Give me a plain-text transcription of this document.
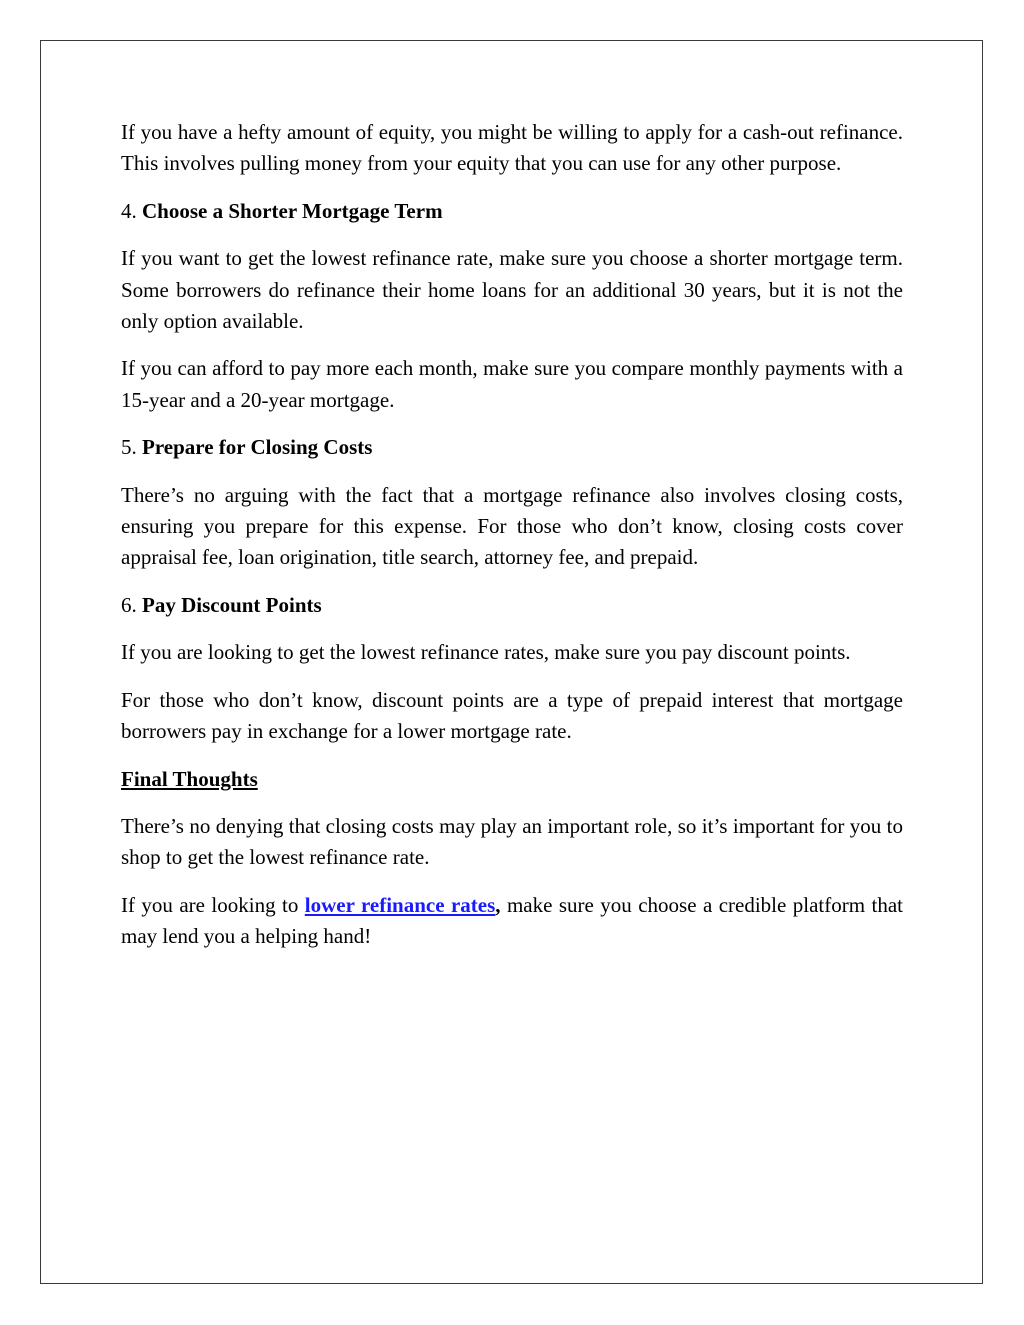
If you have a hefty amount of equity, you might be willing to apply for a cash-out refinance. This involves pulling money from your equity that you can use for any other purpose.

4. Choose a Shorter Mortgage Term

If you want to get the lowest refinance rate, make sure you choose a shorter mortgage term. Some borrowers do refinance their home loans for an additional 30 years, but it is not the only option available.

If you can afford to pay more each month, make sure you compare monthly payments with a 15-year and a 20-year mortgage.

5. Prepare for Closing Costs

There’s no arguing with the fact that a mortgage refinance also involves closing costs, ensuring you prepare for this expense. For those who don’t know, closing costs cover appraisal fee, loan origination, title search, attorney fee, and prepaid.

6. Pay Discount Points

If you are looking to get the lowest refinance rates, make sure you pay discount points.

For those who don’t know, discount points are a type of prepaid interest that mortgage borrowers pay in exchange for a lower mortgage rate.

Final Thoughts

There’s no denying that closing costs may play an important role, so it’s important for you to shop to get the lowest refinance rate.

If you are looking to lower refinance rates, make sure you choose a credible platform that may lend you a helping hand!
